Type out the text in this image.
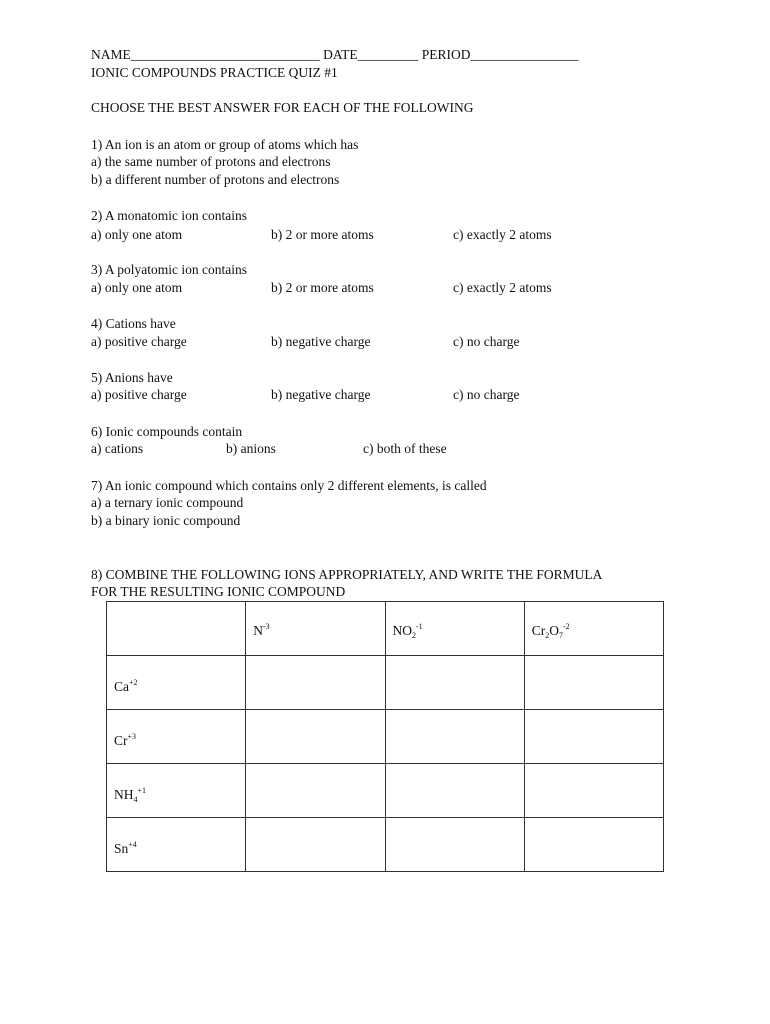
NAME____________________________ DATE_________ PERIOD________________
IONIC COMPOUNDS PRACTICE QUIZ #1
CHOOSE THE BEST ANSWER FOR EACH OF THE FOLLOWING
1) An ion is an atom or group of atoms which has
a) the same number of protons and electrons
b) a different number of protons and electrons
2) A monatomic ion contains
a) only one atom	b) 2 or more atoms	c) exactly 2 atoms
3) A polyatomic ion contains
a) only one atom	b) 2 or more atoms	c) exactly 2 atoms
4) Cations have
a) positive charge	b) negative charge	c) no charge
5) Anions have
a) positive charge	b) negative charge	c) no charge
6) Ionic compounds contain
a) cations	b) anions	c) both of these
7) An ionic compound which contains only 2 different elements, is called
a) a ternary ionic compound
b) a binary ionic compound
8) COMBINE THE FOLLOWING IONS APPROPRIATELY, AND WRITE THE FORMULA
FOR THE RESULTING IONIC COMPOUND

	$N^{-3}$	$NO_2^{-1}$	$Cr_2O_7^{-2}$

$Ca^{+2}$

$Cr^{+3}$

$NH_4^{+1}$

$Sn^{+4}$
